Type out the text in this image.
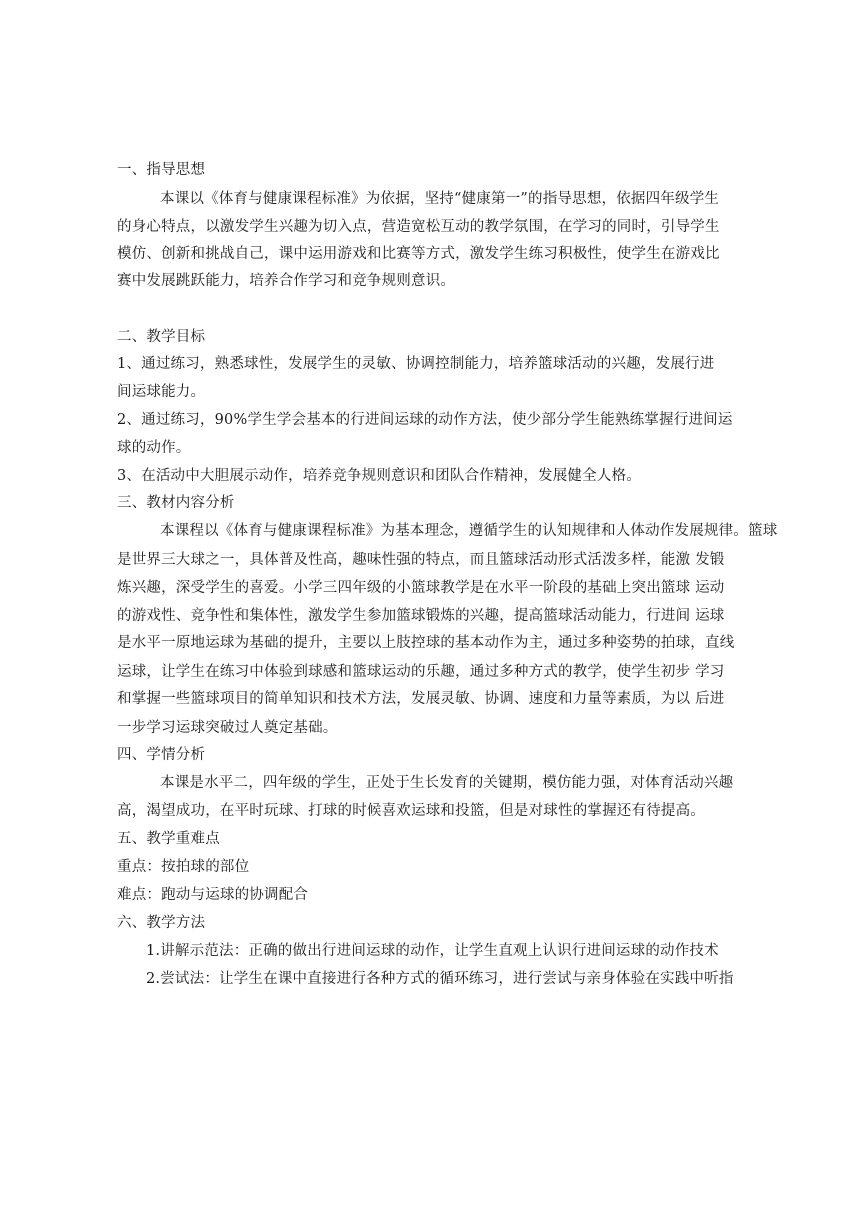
一、指导思想
本课以《体育与健康课程标准》为依据，坚持“健康第一”的指导思想，依据四年级学生
的身心特点，以激发学生兴趣为切入点，营造宽松互动的教学氛围，在学习的同时，引导学生
模仿、创新和挑战自己，课中运用游戏和比赛等方式，激发学生练习积极性，使学生在游戏比
赛中发展跳跃能力，培养合作学习和竞争规则意识。
二、教学目标
1、通过练习，熟悉球性，发展学生的灵敏、协调控制能力，培养篮球活动的兴趣，发展行进
间运球能力。
2、通过练习，90%学生学会基本的行进间运球的动作方法，使少部分学生能熟练掌握行进间运
球的动作。
3、在活动中大胆展示动作，培养竞争规则意识和团队合作精神，发展健全人格。
三、教材内容分析
本课程以《体育与健康课程标准》为基本理念，遵循学生的认知规律和人体动作发展规律。篮球
是世界三大球之一，具体普及性高，趣味性强的特点，而且篮球活动形式活泼多样，能激 发锻
炼兴趣，深受学生的喜爱。小学三四年级的小篮球教学是在水平一阶段的基础上突出篮球 运动
的游戏性、竞争性和集体性，激发学生参加篮球锻炼的兴趣，提高篮球活动能力，行进间 运球
是水平一原地运球为基础的提升，主要以上肢控球的基本动作为主，通过多种姿势的拍球，直线
运球，让学生在练习中体验到球感和篮球运动的乐趣，通过多种方式的教学，使学生初步 学习
和掌握一些篮球项目的简单知识和技术方法，发展灵敏、协调、速度和力量等素质，为以 后进
一步学习运球突破过人奠定基础。
四、学情分析
本课是水平二，四年级的学生，正处于生长发育的关键期，模仿能力强，对体育活动兴趣
高，渴望成功，在平时玩球、打球的时候喜欢运球和投篮，但是对球性的掌握还有待提高。
五、教学重难点
重点：按拍球的部位
难点：跑动与运球的协调配合
六、教学方法
1.讲解示范法：正确的做出行进间运球的动作，让学生直观上认识行进间运球的动作技术
2.尝试法：让学生在课中直接进行各种方式的循环练习，进行尝试与亲身体验在实践中听指
